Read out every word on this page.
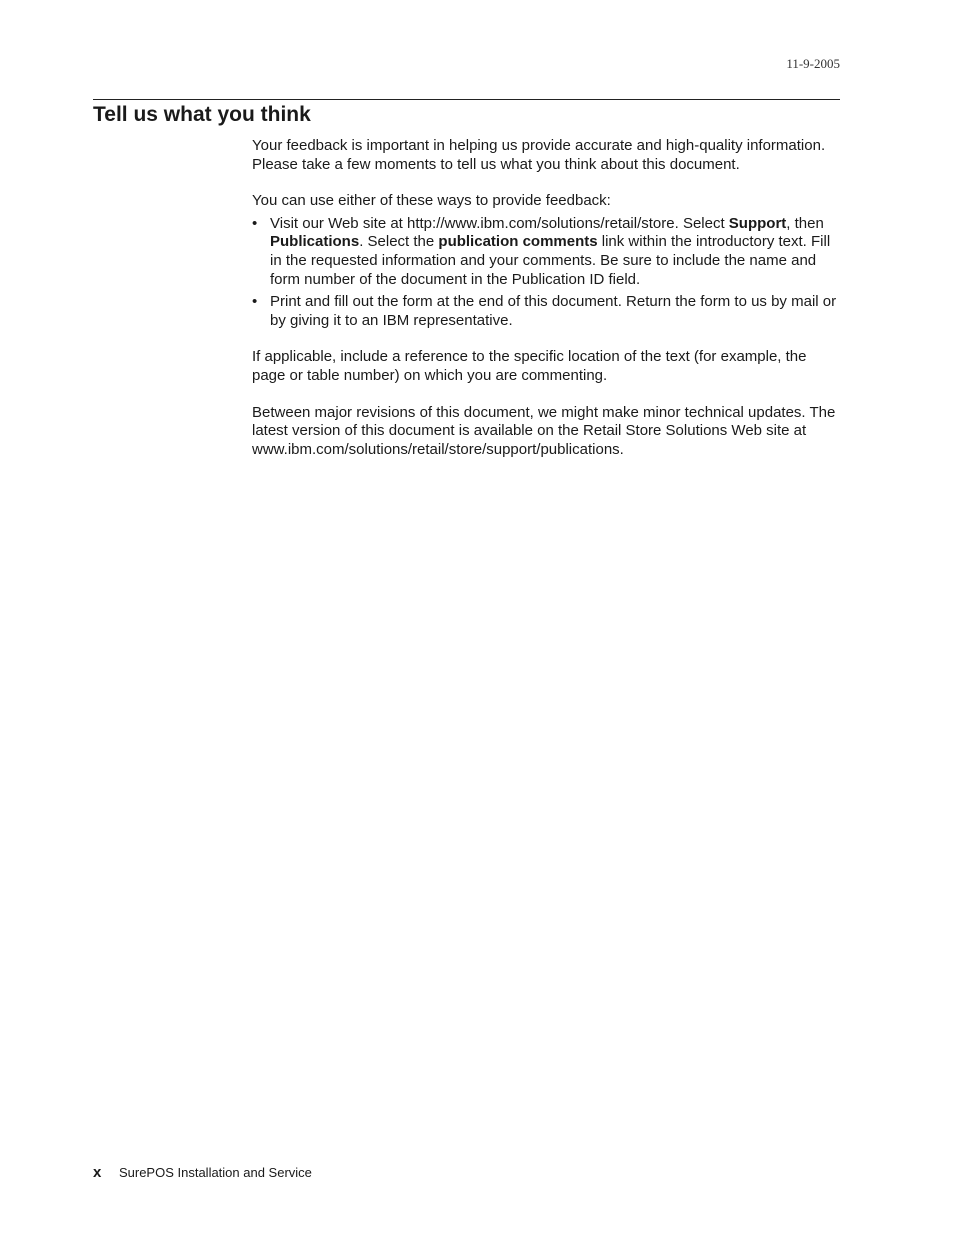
11-9-2005
Tell us what you think

Your feedback is important in helping us provide accurate and high-quality information. Please take a few moments to tell us what you think about this document.

You can use either of these ways to provide feedback:

• Visit our Web site at http://www.ibm.com/solutions/retail/store. Select Support, then Publications. Select the publication comments link within the introductory text. Fill in the requested information and your comments. Be sure to include the name and form number of the document in the Publication ID field.
• Print and fill out the form at the end of this document. Return the form to us by mail or by giving it to an IBM representative.

If applicable, include a reference to the specific location of the text (for example, the page or table number) on which you are commenting.

Between major revisions of this document, we might make minor technical updates. The latest version of this document is available on the Retail Store Solutions Web site at www.ibm.com/solutions/retail/store/support/publications.

x SurePOS Installation and Service
